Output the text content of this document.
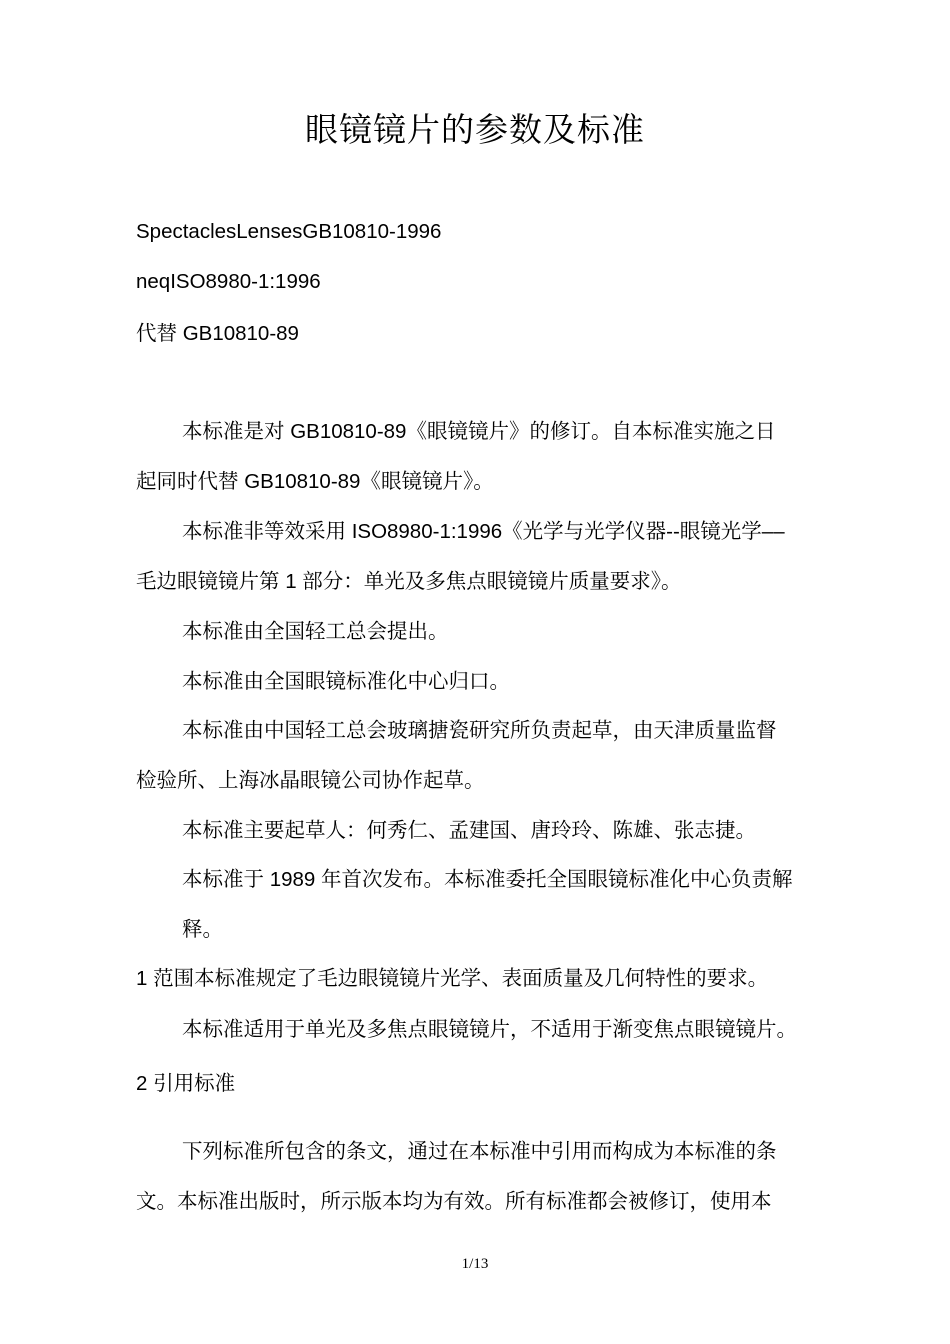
眼镜镜片的参数及标准
SpectaclesLensesGB10810-1996
neqISO8980-1:1996
代替 GB10810-89
本标准是对 GB10810-89《眼镜镜片》的修订。自本标准实施之日
起同时代替 GB10810-89《眼镜镜片》。
本标准非等效采用 ISO8980-1:1996《光学与光学仪器--眼镜光学––
毛边眼镜镜片第 1 部分：单光及多焦点眼镜镜片质量要求》。
本标准由全国轻工总会提出。
本标准由全国眼镜标准化中心归口。
本标准由中国轻工总会玻璃搪瓷研究所负责起草，由天津质量监督
检验所、上海冰晶眼镜公司协作起草。
本标准主要起草人：何秀仁、孟建国、唐玲玲、陈雄、张志捷。
本标准于 1989 年首次发布。本标准委托全国眼镜标准化中心负责解
释。
1 范围本标准规定了毛边眼镜镜片光学、表面质量及几何特性的要求。
本标准适用于单光及多焦点眼镜镜片，不适用于渐变焦点眼镜镜片。
2 引用标准
下列标准所包含的条文，通过在本标准中引用而构成为本标准的条
文。本标准出版时，所示版本均为有效。所有标准都会被修订，使用本
1/13
